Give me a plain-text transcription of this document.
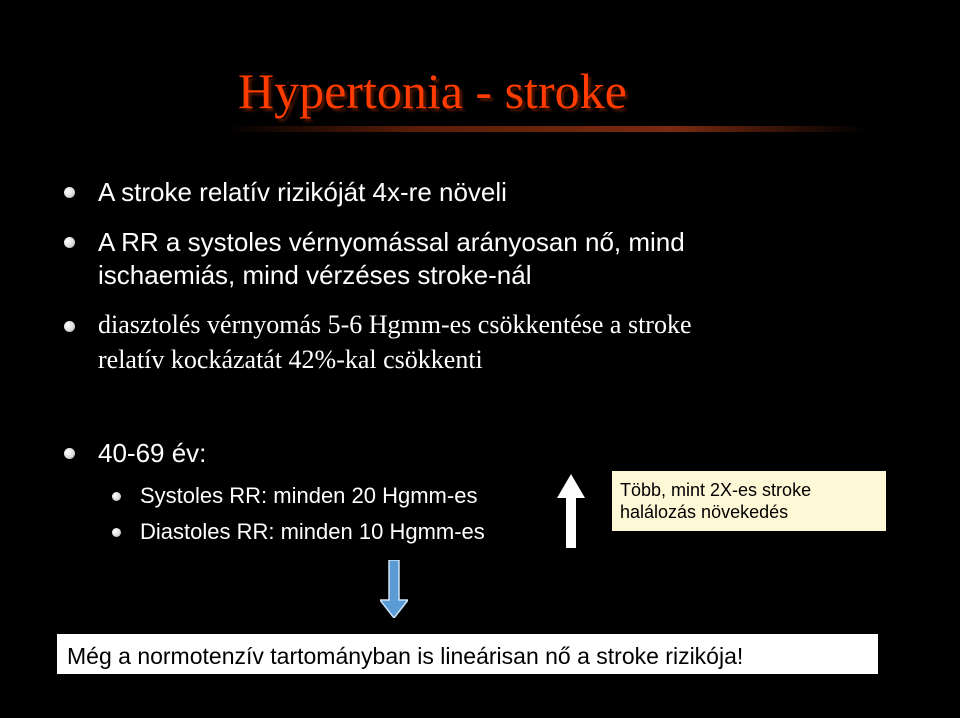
Hypertonia - stroke
A stroke relatív rizikóját 4x-re növeli
A RR a systoles vérnyomással arányosan nő, mind
ischaemiás, mind vérzéses stroke-nál
diasztolés vérnyomás 5-6 Hgmm-es csökkentése a stroke
relatív kockázatát 42%-kal csökkenti
40-69 év:
Systoles RR: minden 20 Hgmm-es
Diastoles RR: minden 10 Hgmm-es
Több, mint 2X-es stroke
halálozás növekedés
Még a normotenzív tartományban is lineárisan nő a stroke rizikója!
